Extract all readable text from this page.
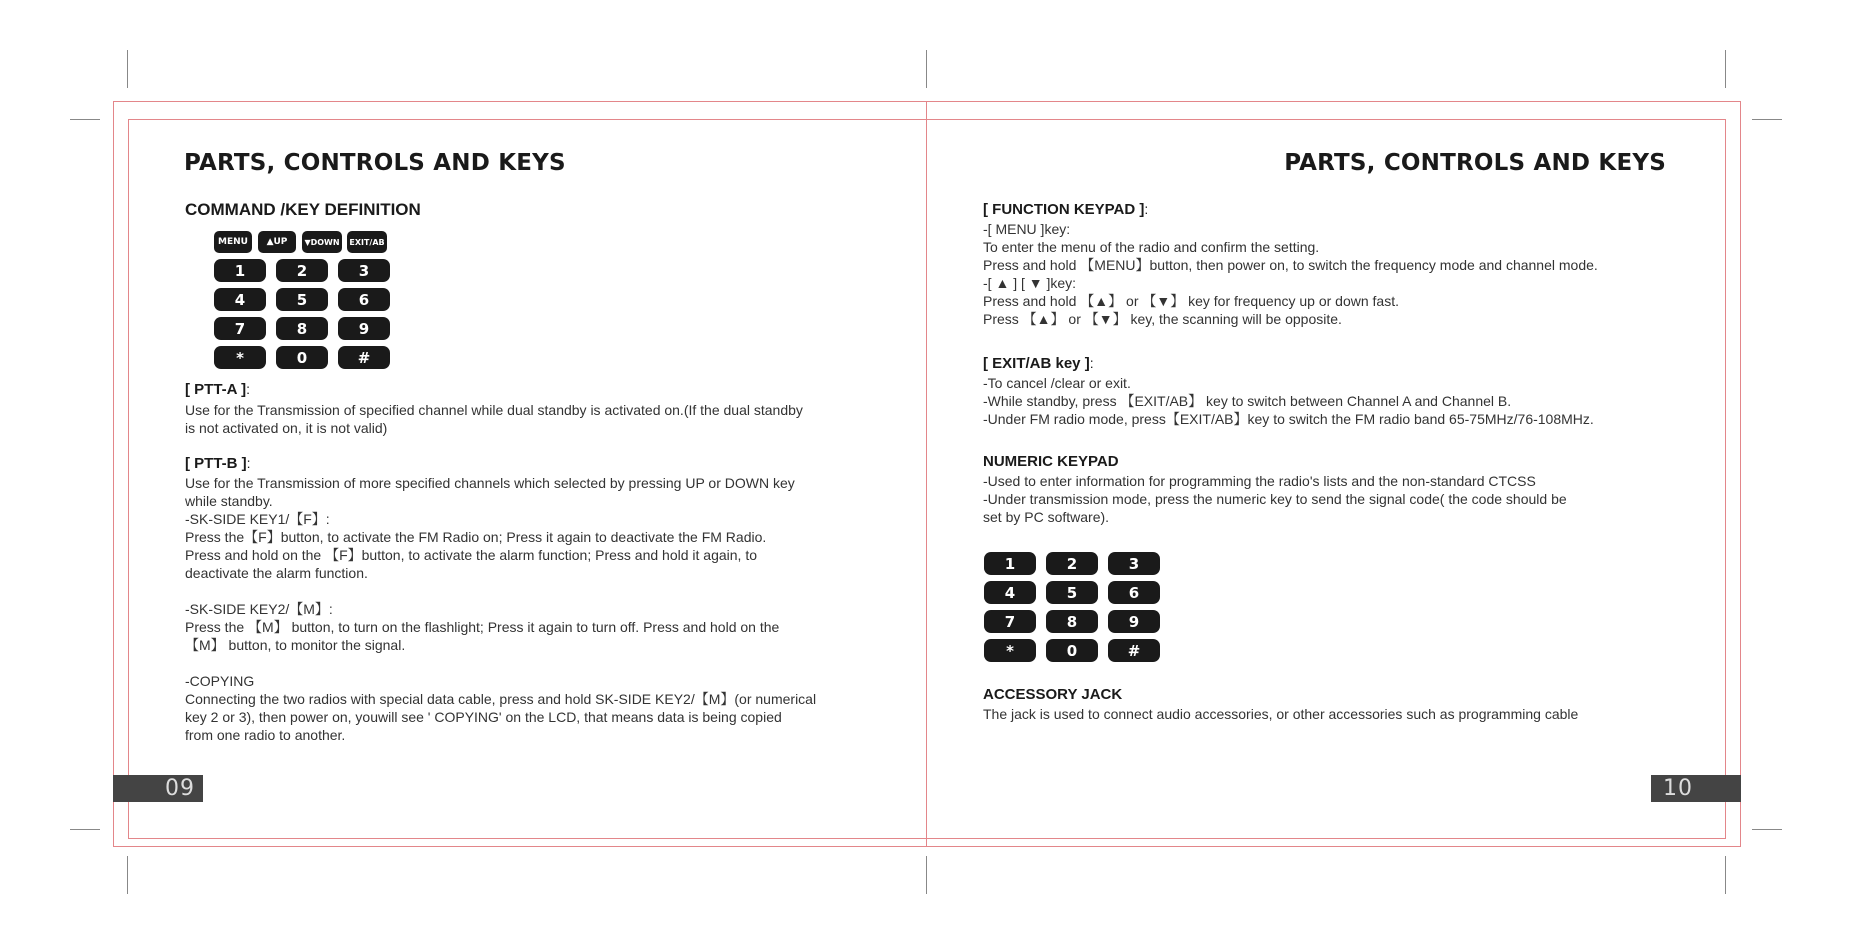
PARTS, CONTROLS AND KEYS
COMMAND /KEY DEFINITION
MENU ▲ UP ▼ DOWN EXIT/AB
1	2	3
4	5	6
7	8	9
*	0	#
[ PTT-A ]:
Use for the Transmission of specified channel while dual standby is activated on.(If the dual standby
is not activated on, it is not valid)
[ PTT-B ]:
Use for the Transmission of more specified channels which selected by pressing UP or DOWN key
while standby.
-SK-SIDE KEY1/【F】:
Press the【F】button, to activate the FM Radio on; Press it again to deactivate the FM Radio.
Press and hold on the 【F】button, to activate the alarm function; Press and hold it again, to
deactivate the alarm function.
-SK-SIDE KEY2/【M】:
Press the 【M】 button, to turn on the flashlight; Press it again to turn off. Press and hold on the
【M】 button, to monitor the signal.
-COPYING
Connecting the two radios with special data cable, press and hold SK-SIDE KEY2/【M】(or numerical
key 2 or 3), then power on, youwill see ' COPYING' on the LCD, that means data is being copied
from one radio to another.
09
PARTS, CONTROLS AND KEYS
[ FUNCTION KEYPAD ]:
-[ MENU ]key:
To enter the menu of the radio and confirm the setting.
Press and hold 【MENU】button, then power on, to switch the frequency mode and channel mode.
-[ ▲ ] [ ▼ ]key:
Press and hold 【▲】 or 【▼】 key for frequency up or down fast.
Press 【▲】 or 【▼】 key, the scanning will be opposite.
[ EXIT/AB key ]:
-To cancel /clear or exit.
-While standby, press 【EXIT/AB】 key to switch between Channel A and Channel B.
-Under FM radio mode, press【EXIT/AB】key to switch the FM radio band 65-75MHz/76-108MHz.
NUMERIC KEYPAD
-Used to enter information for programming the radio's lists and the non-standard CTCSS
-Under transmission mode, press the numeric key to send the signal code( the code should be
set by PC software).
1	2	3
4	5	6
7	8	9
*	0	#
ACCESSORY JACK
The jack is used to connect audio accessories, or other accessories such as programming cable
10
